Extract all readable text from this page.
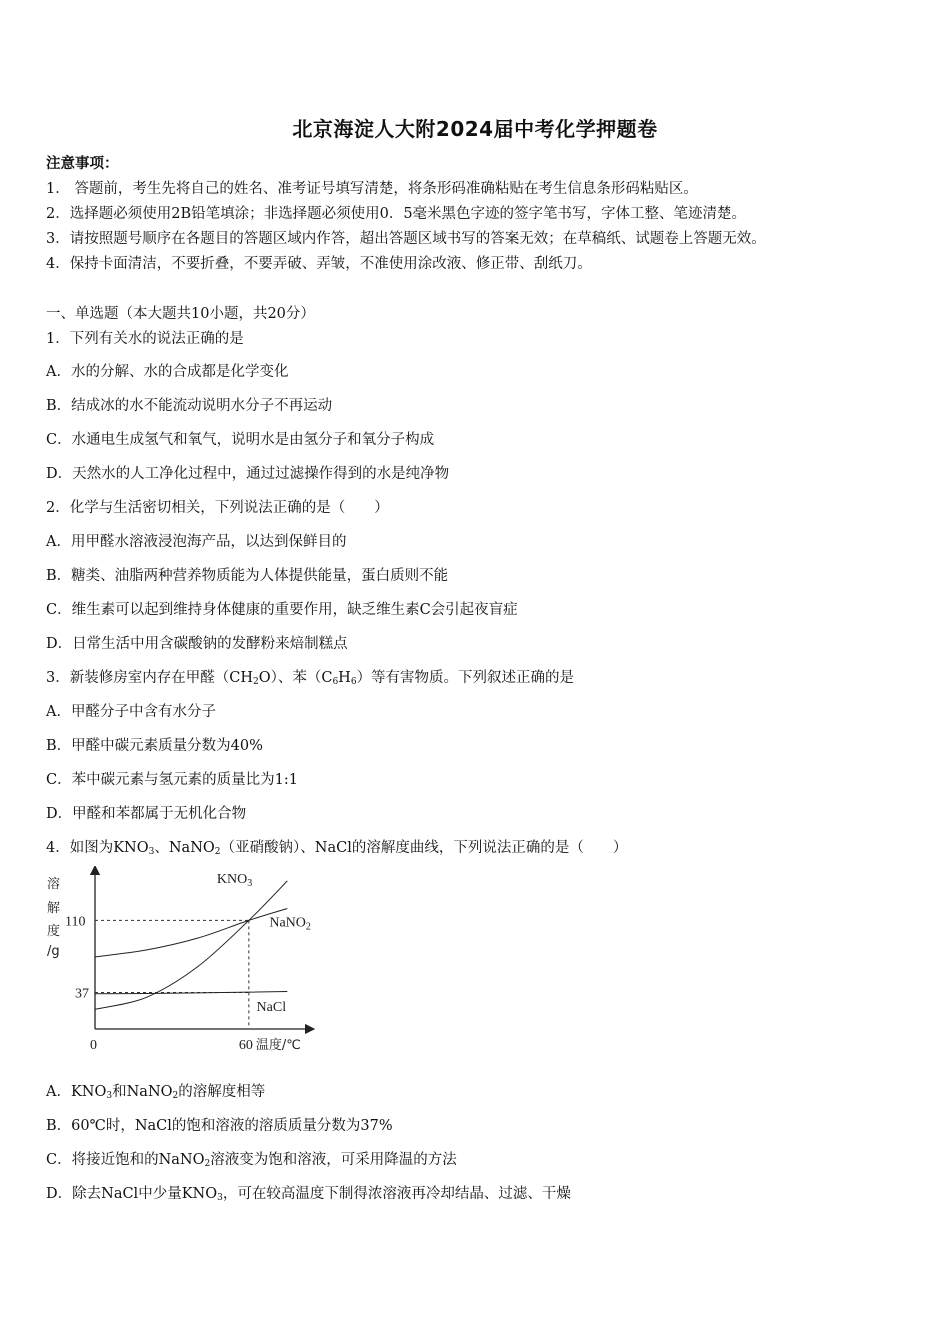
北京海淀人大附2024届中考化学押题卷
注意事项：
1． 答题前，考生先将自己的姓名、准考证号填写清楚，将条形码准确粘贴在考生信息条形码粘贴区。
2．选择题必须使用2B铅笔填涂；非选择题必须使用0．5毫米黑色字迹的签字笔书写，字体工整、笔迹清楚。
3．请按照题号顺序在各题目的答题区域内作答，超出答题区域书写的答案无效；在草稿纸、试题卷上答题无效。
4．保持卡面清洁，不要折叠，不要弄破、弄皱，不准使用涂改液、修正带、刮纸刀。
一、单选题（本大题共10小题，共20分）
1．下列有关水的说法正确的是
A．水的分解、水的合成都是化学变化
B．结成冰的水不能流动说明水分子不再运动
C．水通电生成氢气和氧气，说明水是由氢分子和氧分子构成
D．天然水的人工净化过程中，通过过滤操作得到的水是纯净物
2．化学与生活密切相关，下列说法正确的是（　　）
A．用甲醛水溶液浸泡海产品，以达到保鲜目的
B．糖类、油脂两种营养物质能为人体提供能量，蛋白质则不能
C．维生素可以起到维持身体健康的重要作用，缺乏维生素C会引起夜盲症
D．日常生活中用含碳酸钠的发酵粉来焙制糕点
3．新装修房室内存在甲醛$(CH_2O)$、苯$(C_6H_6)$等有害物质。下列叙述正确的是
A．甲醛分子中含有水分子
B．甲醛中碳元素质量分数为40%
C．苯中碳元素与氢元素的质量比为1:1
D．甲醛和苯都属于无机化合物
4．如图为$KNO_3$、NaNO$_2$（亚硝酸钠）、NaCl的溶解度曲线，下列说法正确的是（　　）
溶
解
度
/g
0
110
37
60 温度/℃
$KNO_3$
NaNO$_2$
NaCl
A．$KNO_3$和NaNO$_2$的溶解度相等
B．60℃时，NaCl的饱和溶液的溶质质量分数为37%
C．将接近饱和的NaNO$_2$溶液变为饱和溶液，可采用降温的方法
D．除去NaCl中少量$KNO_3$，可在较高温度下制得浓溶液再冷却结晶、过滤、干燥
